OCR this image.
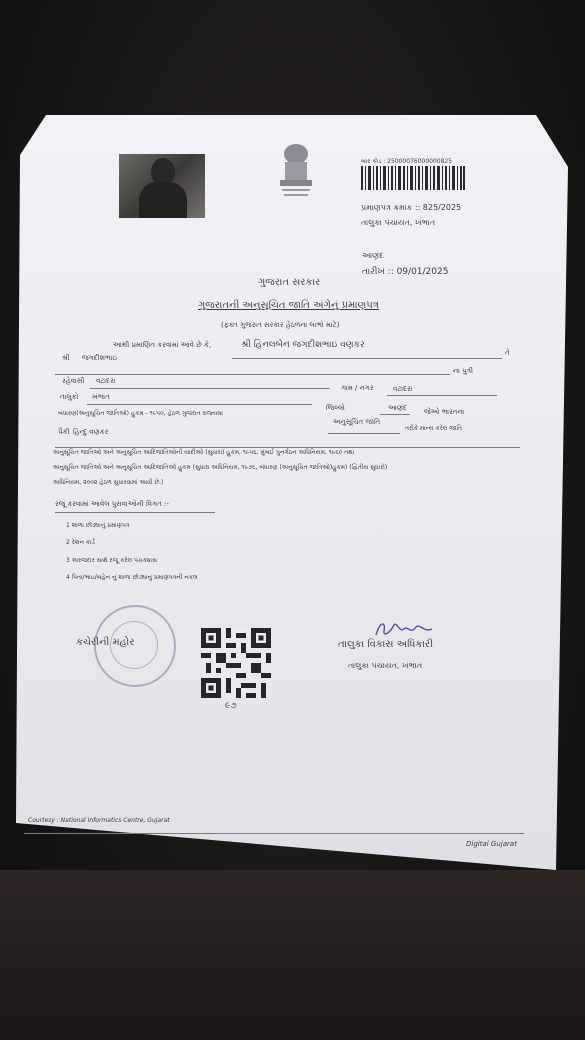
બાર કોડ : 25000076000000825
પ્રમાણપત્ર ક્રમાંક :: 825/2025
તાલુકા પંચાયત, ખંભાત
આણંદ
તારીખ :: 09/01/2025
ગુજરાત સરકાર
ગુજરાતની અનુસૂચિત જાતિ અંગેનું પ્રમાણપત્ર
(ફક્ત ગુજરાત સરકાર હેઠળના લાભો માટે)
આથી પ્રમાણિત કરવામાં આવે છે કે,	શ્રી હિનલબેન જગદીશભાઇ વણકર
તે
શ્રી જગદીશભાઇ
ના પુત્રી
રહેવાસી વટાદરા
ગામ / નગર	વટાદરા
તાલુકો ખંભાત
જિલ્લો	આણંદ જેઓ ભારતના
બંધારણ(અનુસૂચિત જાતિઓ) હુકમ - ૧૯૫૦, હેઠળ ગુજરાત રાજ્યમાં
અનુસૂચિત જાતિ
તરીકે માન્ય કરેલ જાતિ
પૈકી હિન્દુ વણકર
અનુસૂચિત જાતિઓ અને અનુસૂચિત આદિજાતિઓની યાદીઓ (સુધારા) હુકમ, ૧૯૫૬, મુંબઈ પુનર્ગઠન અધિનિયમ, ૧૯૬૦ તથા
અનુસૂચિત જાતિઓ અને અનુસૂચિત આદિજાતિઓ હુકમ (સુધારા અધિનિયમ, ૧૯૭૬, બંધારણ (અનુસૂચિત જાતિઓ)હુકમ) (દ્વિતીય સુધારો)
અધિનિયમ, ૨૦૦૨ હેઠળ સુધારવામાં આવી છે.)
રજૂ કરવામાં આવેલ પુરાવાઓની વિગત :-
1 શાળા છોડ્યાનું પ્રમાણપત્ર
2 રેશન કાર્ડ
3 અરજદાર સાથે રજૂ કરેલ પંચક્યાસ
4 પિતા/ભાઇ/બહેન નું શાળા છોડ્યાનું પ્રમાણપત્રની નકલ
કચેરીની મહોર
૯૭
તાલુકા વિકાસ અધિકારી
તાલુકા પંચાયત, ખંભાત
Courtesy : National Informatics Centre, Gujarat
Digital Gujarat
